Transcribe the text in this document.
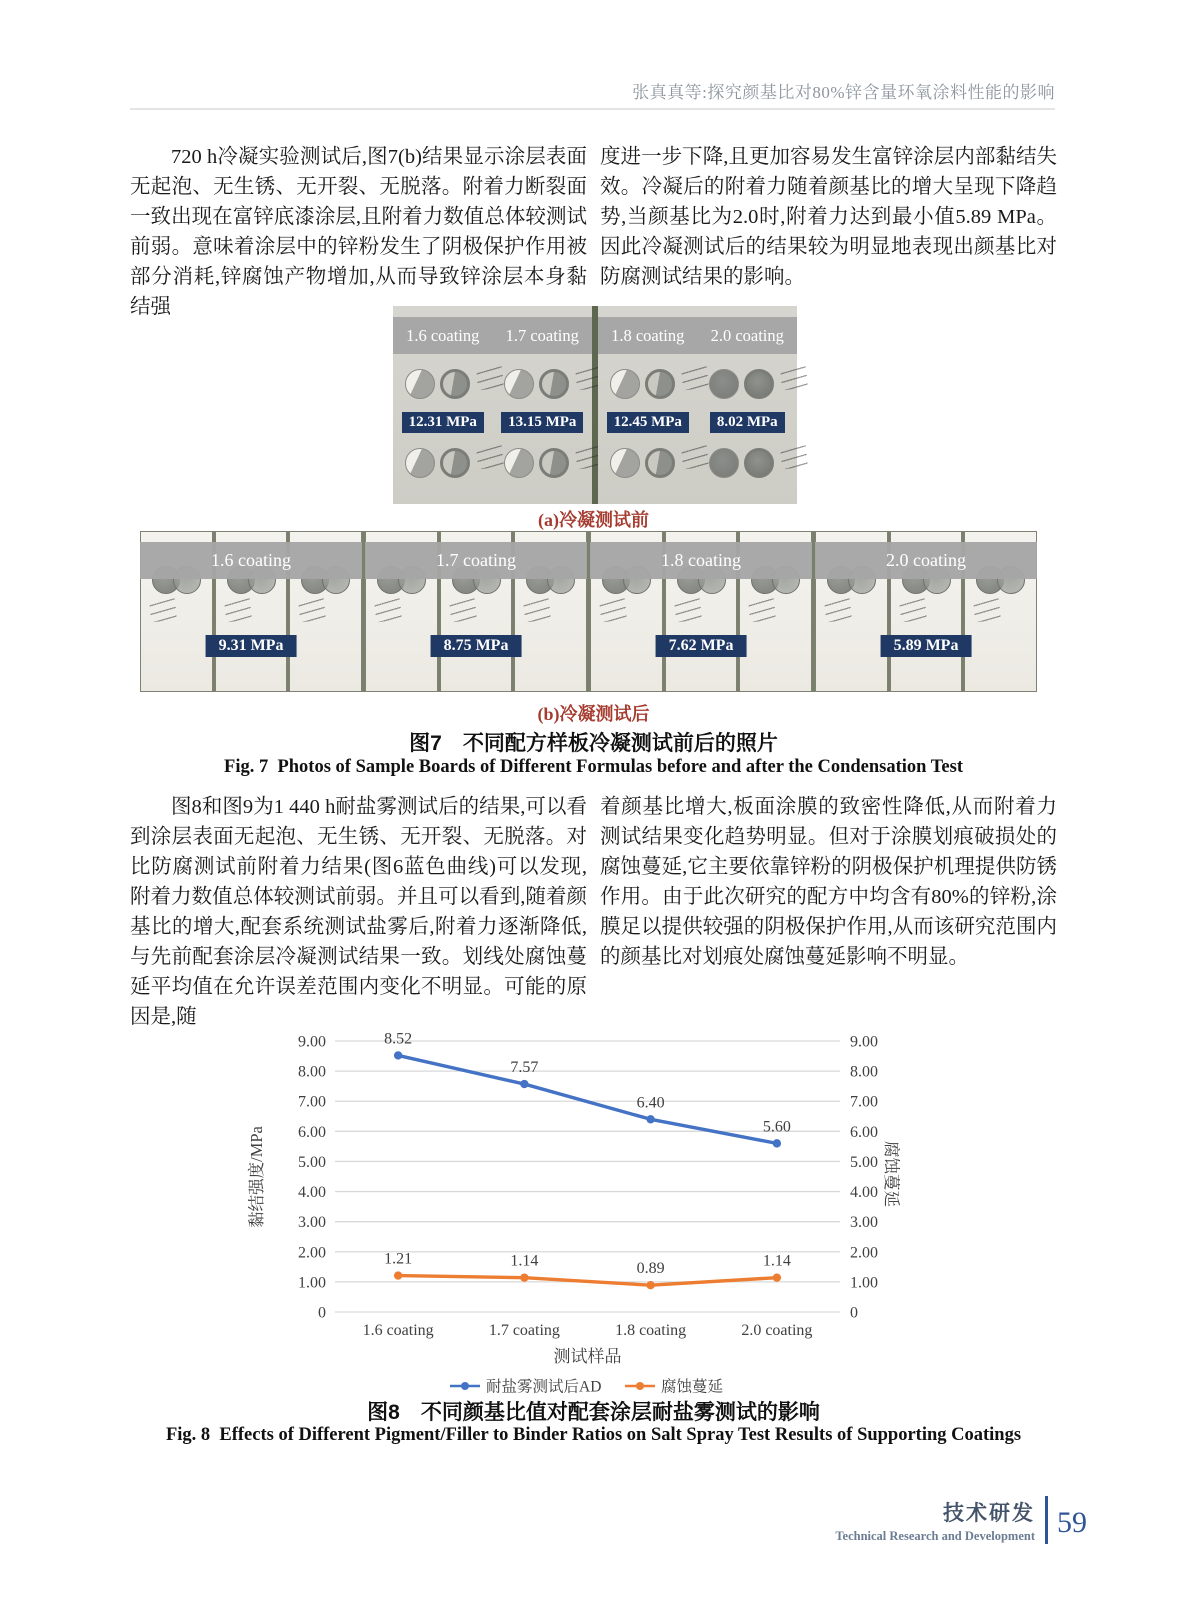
张真真等:探究颜基比对80%锌含量环氧涂料性能的影响

720 h冷凝实验测试后,图7(b)结果显示涂层表面无起泡、无生锈、无开裂、无脱落。附着力断裂面一致出现在富锌底漆涂层,且附着力数值总体较测试前弱。意味着涂层中的锌粉发生了阴极保护作用被部分消耗,锌腐蚀产物增加,从而导致锌涂层本身黏结强

度进一步下降,且更加容易发生富锌涂层内部黏结失效。冷凝后的附着力随着颜基比的增大呈现下降趋势,当颜基比为2.0时,附着力达到最小值5.89 MPa。因此冷凝测试后的结果较为明显地表现出颜基比对防腐测试结果的影响。

1.6 coating	1.7 coating
12.31 MPa	13.15 MPa
1.8 coating	2.0 coating
12.45 MPa	8.02 MPa
(a)冷凝测试前
1.6 coating
9.31 MPa
1.7 coating
8.75 MPa
1.8 coating
7.62 MPa
2.0 coating
5.89 MPa
(b)冷凝测试后
图7 不同配方样板冷凝测试前后的照片
Fig. 7 Photos of Sample Boards of Different Formulas before and after the Condensation Test

图8和图9为1 440 h耐盐雾测试后的结果,可以看到涂层表面无起泡、无生锈、无开裂、无脱落。对比防腐测试前附着力结果(图6蓝色曲线)可以发现,附着力数值总体较测试前弱。并且可以看到,随着颜基比的增大,配套系统测试盐雾后,附着力逐渐降低,与先前配套涂层冷凝测试结果一致。划线处腐蚀蔓延平均值在允许误差范围内变化不明显。可能的原因是,随

着颜基比增大,板面涂膜的致密性降低,从而附着力测试结果变化趋势明显。但对于涂膜划痕破损处的腐蚀蔓延,它主要依靠锌粉的阴极保护机理提供防锈作用。由于此次研究的配方中均含有80%的锌粉,涂膜足以提供较强的阴极保护作用,从而该研究范围内的颜基比对划痕处腐蚀蔓延影响不明显。

0	0
1.00	1.00
2.00	2.00
3.00	3.00
4.00	4.00
5.00	5.00
6.00	6.00
7.00	7.00
8.00	8.00
9.00	9.00
黏结强度/MPa	腐蚀蔓延
8.52
7.57
6.40
5.60
1.21	1.14	0.89	1.14
1.6 coating	1.7 coating	1.8 coating	2.0 coating
测试样品
耐盐雾测试后AD	腐蚀蔓延
图8 不同颜基比值对配套涂层耐盐雾测试的影响
Fig. 8 Effects of Different Pigment/Filler to Binder Ratios on Salt Spray Test Results of Supporting Coatings
技术研发
Technical Research and Development 59
